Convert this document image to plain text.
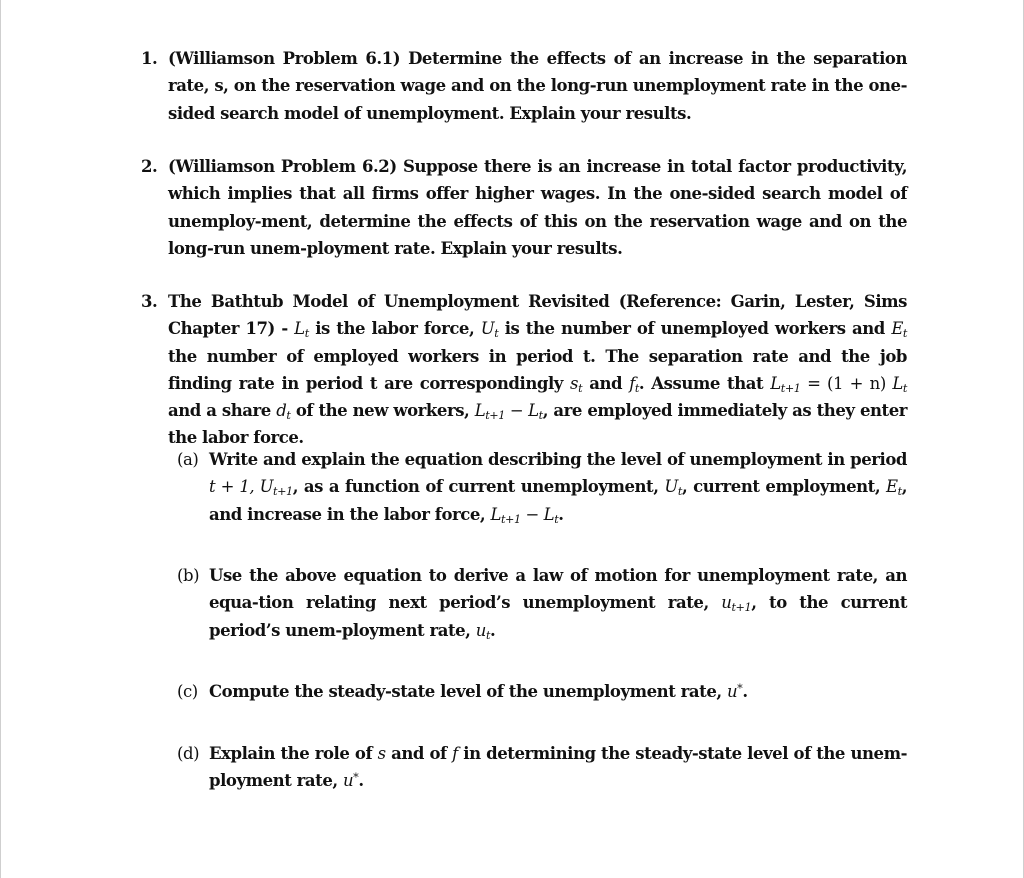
1. (Williamson Problem 6.1) Determine the effects of an increase in the separation rate, s, on the reservation wage and on the long-run unemployment rate in the one-sided search model of unemployment. Explain your results.
2. (Williamson Problem 6.2) Suppose there is an increase in total factor productivity, which implies that all firms offer higher wages. In the one-sided search model of unemploy-ment, determine the effects of this on the reservation wage and on the long-run unem-ployment rate. Explain your results.
3. The Bathtub Model of Unemployment Revisited (Reference: Garin, Lester, Sims Chapter $17) - L_t$ is the labor force, $U_t$ is the number of unemployed workers and $E_t$ the number of employed workers in period t. The separation rate and the job finding rate in period t are correspondingly $s_t$ and $f_t$. Assume that $L_{t+1} = (1 + n)$ $L_t$ and a share $d_t$ of the new workers, $L_{t+1} - L_t$, are employed immediately as they enter the labor force.
(a) Write and explain the equation describing the level of unemployment in period t + 1, $U_{t+1}$, as a function of current unemployment, $U_t$, current employment, $E_t$, and increase in the labor force, $L_{t+1} - L_t$.
(b) Use the above equation to derive a law of motion for unemployment rate, an equa-tion relating next period’s unemployment rate, $u_{t+1}$, to the current period’s unem-ployment rate, $u_t$.
(c) Compute the steady-state level of the unemployment rate, u*.
(d) Explain the role of s and of f in determining the steady-state level of the unem-ployment rate, u*.
